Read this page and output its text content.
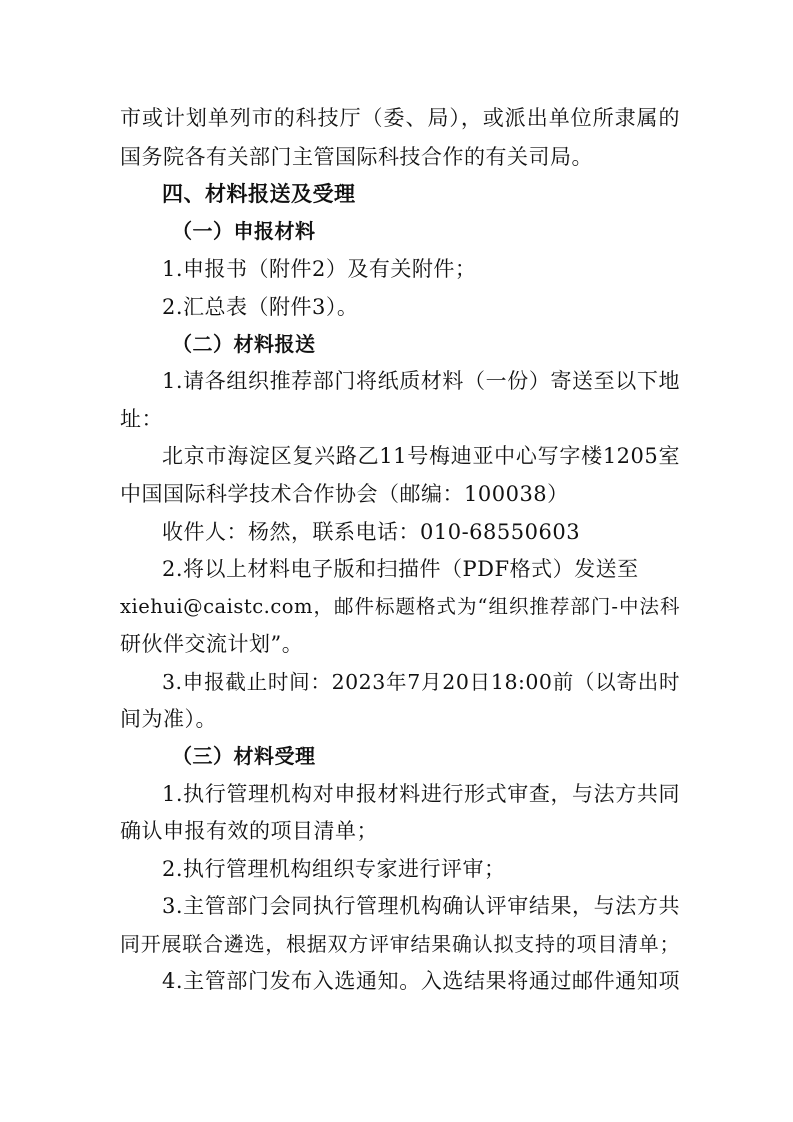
市或计划单列市的科技厅（委、局），或派出单位所隶属的
国务院各有关部门主管国际科技合作的有关司局。
四、材料报送及受理
（一）申报材料
1.申报书（附件2）及有关附件；
2.汇总表（附件3）。
（二）材料报送
1.请各组织推荐部门将纸质材料（一份）寄送至以下地
址：
北京市海淀区复兴路乙11号梅迪亚中心写字楼1205室
中国国际科学技术合作协会（邮编：100038）
收件人：杨然，联系电话：010-68550603
2.将以上材料电子版和扫描件（PDF格式）发送至
xiehui@caistc.com，邮件标题格式为“组织推荐部门-中法科
研伙伴交流计划”。
3.申报截止时间：2023年7月20日18:00前（以寄出时
间为准）。
（三）材料受理
1.执行管理机构对申报材料进行形式审查，与法方共同
确认申报有效的项目清单；
2.执行管理机构组织专家进行评审；
3.主管部门会同执行管理机构确认评审结果，与法方共
同开展联合遴选，根据双方评审结果确认拟支持的项目清单；
4.主管部门发布入选通知。入选结果将通过邮件通知项
